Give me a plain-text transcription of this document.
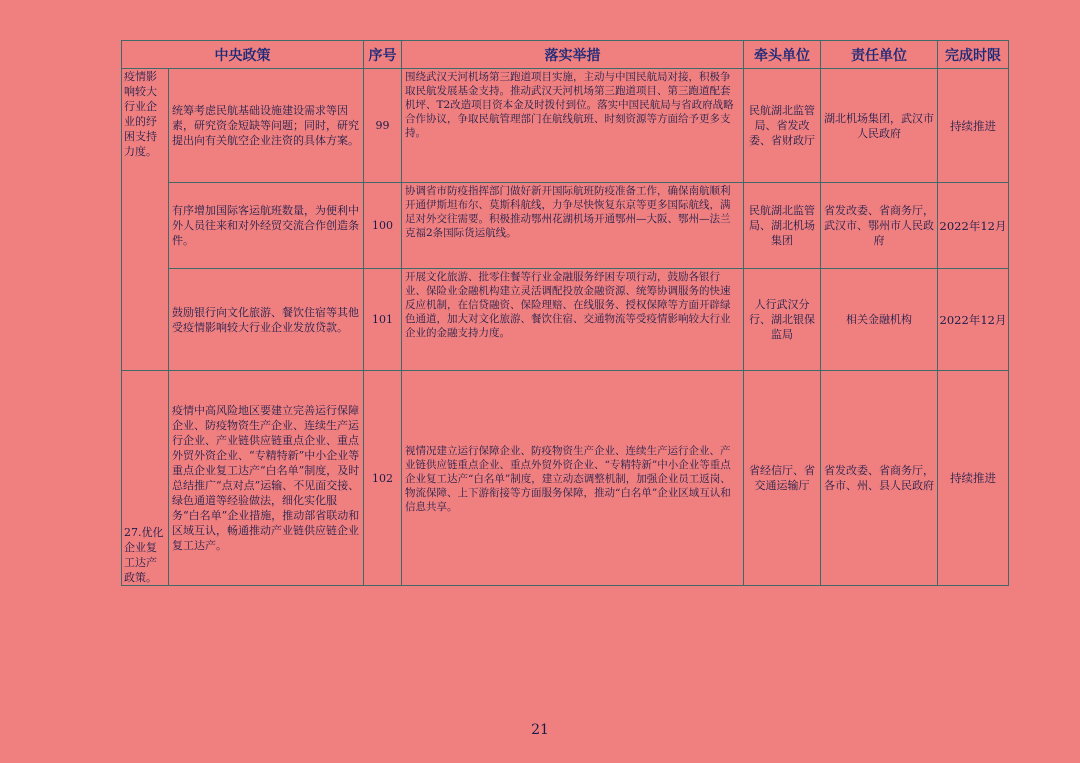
中央政策		序号	落实举措	牵头单位	责任单位	完成时限
疫情影响较大行业企业的纾困支持力度。	统筹考虑民航基础设施建设需求等因素，研究资金短缺等问题；同时，研究提出向有关航空企业注资的具体方案。	99	围绕武汉天河机场第三跑道项目实施，主动与中国民航局对接，积极争取民航发展基金支持。推动武汉天河机场第三跑道项目、第三跑道配套机坪、T2改造项目资本金及时拨付到位。落实中国民航局与省政府战略合作协议，争取民航管理部门在航线航班、时刻资源等方面给予更多支持。	民航湖北监管局、省发改委、省财政厅	湖北机场集团，武汉市人民政府	持续推进
	有序增加国际客运航班数量，为便利中外人员往来和对外经贸交流合作创造条件。	100	协调省市防疫指挥部门做好新开国际航班防疫准备工作，确保南航顺利开通伊斯坦布尔、莫斯科航线，力争尽快恢复东京等更多国际航线，满足对外交往需要。积极推动鄂州花湖机场开通鄂州—大阪、鄂州—法兰克福2条国际货运航线。	民航湖北监管局、湖北机场集团	省发改委、省商务厅，武汉市、鄂州市人民政府	2022年12月
	鼓励银行向文化旅游、餐饮住宿等其他受疫情影响较大行业企业发放贷款。	101	开展文化旅游、批零住餐等行业金融服务纾困专项行动，鼓励各银行业、保险业金融机构建立灵活调配投放金融资源、统筹协调服务的快速反应机制，在信贷融资、保险理赔、在线服务、授权保障等方面开辟绿色通道，加大对文化旅游、餐饮住宿、交通物流等受疫情影响较大行业企业的金融支持力度。	人行武汉分行、湖北银保监局	相关金融机构	2022年12月
27.优化企业复工达产政策。	疫情中高风险地区要建立完善运行保障企业、防疫物资生产企业、连续生产运行企业、产业链供应链重点企业、重点外贸外资企业、“专精特新”中小企业等重点企业复工达产“白名单”制度，及时总结推广“点对点”运输、不见面交接、绿色通道等经验做法，细化实化服务“白名单”企业措施，推动部省联动和区域互认，畅通推动产业链供应链企业复工达产。	102	视情况建立运行保障企业、防疫物资生产企业、连续生产运行企业、产业链供应链重点企业、重点外贸外资企业、“专精特新”中小企业等重点企业复工达产“白名单”制度，建立动态调整机制，加强企业员工返岗、物流保障、上下游衔接等方面服务保障，推动“白名单”企业区域互认和信息共享。	省经信厅、省交通运输厅	省发改委、省商务厅，各市、州、县人民政府	持续推进
21
